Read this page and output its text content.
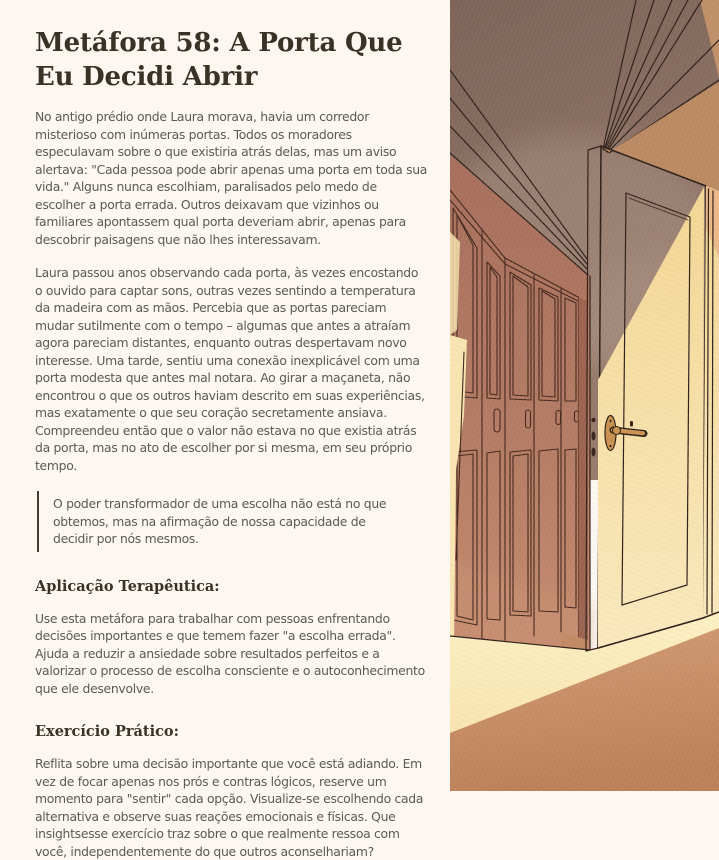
Metáfora 58: A Porta Que Eu Decidi Abrir

No antigo prédio onde Laura morava, havia um corredor misterioso com inúmeras portas. Todos os moradores especulavam sobre o que existiria atrás delas, mas um aviso alertava: "Cada pessoa pode abrir apenas uma porta em toda sua vida." Alguns nunca escolhiam, paralisados pelo medo de escolher a porta errada. Outros deixavam que vizinhos ou familiares apontassem qual porta deveriam abrir, apenas para descobrir paisagens que não lhes interessavam.

Laura passou anos observando cada porta, às vezes encostando o ouvido para captar sons, outras vezes sentindo a temperatura da madeira com as mãos. Percebia que as portas pareciam mudar sutilmente com o tempo – algumas que antes a atraíam agora pareciam distantes, enquanto outras despertavam novo interesse. Uma tarde, sentiu uma conexão inexplicável com uma porta modesta que antes mal notara. Ao girar a maçaneta, não encontrou o que os outros haviam descrito em suas experiências, mas exatamente o que seu coração secretamente ansiava. Compreendeu então que o valor não estava no que existia atrás da porta, mas no ato de escolher por si mesma, em seu próprio tempo.

O poder transformador de uma escolha não está no que obtemos, mas na afirmação de nossa capacidade de decidir por nós mesmos.
Aplicação Terapêutica:

Use esta metáfora para trabalhar com pessoas enfrentando decisões importantes e que temem fazer "a escolha errada". Ajuda a reduzir a ansiedade sobre resultados perfeitos e a valorizar o processo de escolha consciente e o autoconhecimento que ele desenvolve.

Exercício Prático:

Reflita sobre uma decisão importante que você está adiando. Em vez de focar apenas nos prós e contras lógicos, reserve um momento para "sentir" cada opção. Visualize-se escolhendo cada alternativa e observe suas reações emocionais e físicas. Que insightsesse exercício traz sobre o que realmente ressoa com você, independentemente do que outros aconselhariam?
